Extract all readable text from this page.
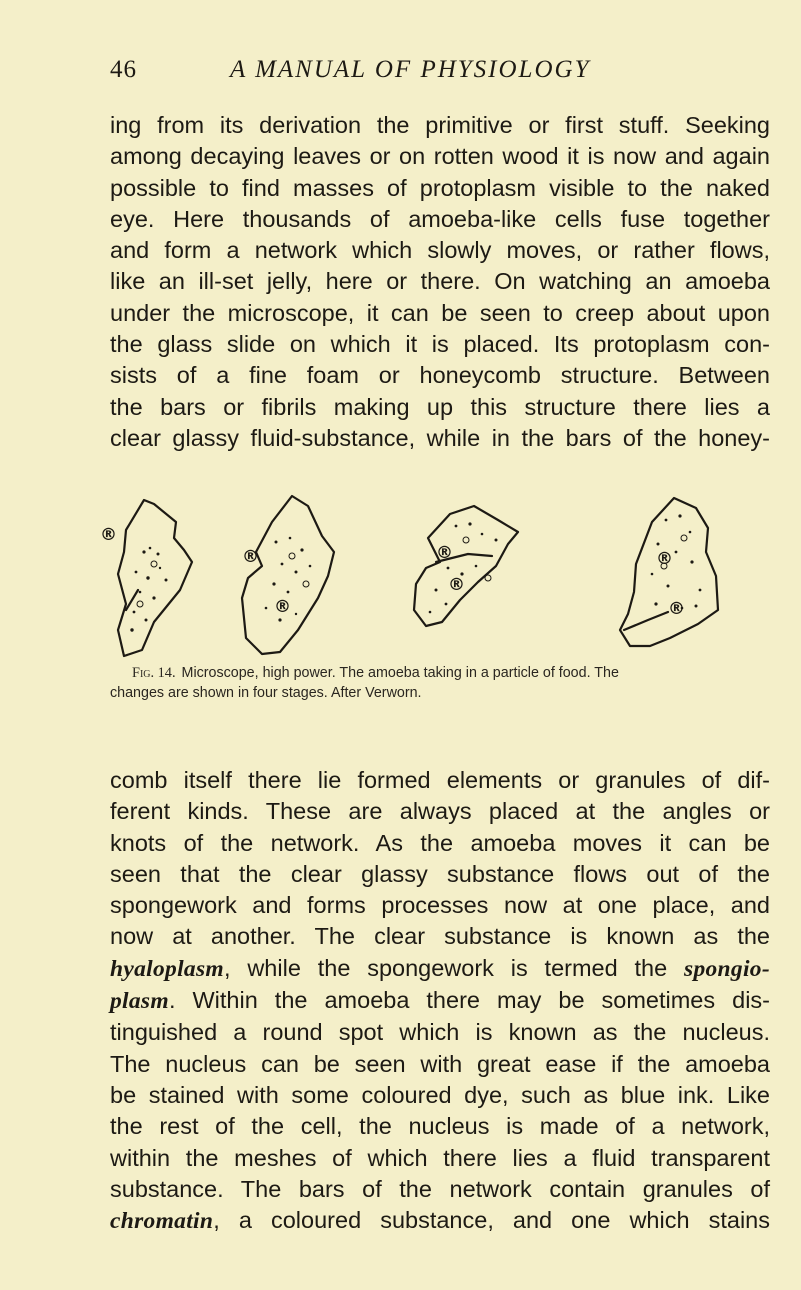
46	A MANUAL OF PHYSIOLOGY
ing from its derivation the primitive or first stuff. Seeking
among decaying leaves or on rotten wood it is now and again
possible to find masses of protoplasm visible to the naked
eye. Here thousands of amoeba-like cells fuse together
and form a network which slowly moves, or rather flows,
like an ill-set jelly, here or there. On watching an amoeba
under the microscope, it can be seen to creep about upon
the glass slide on which it is placed. Its protoplasm con-
sists of a fine foam or honeycomb structure. Between
the bars or fibrils making up this structure there lies a
clear glassy fluid-substance, while in the bars of the honey-
®
®
®
®
®
®
®
Fig. 14. Microscope, high power. The amoeba taking in a particle of food. The
changes are shown in four stages. After Verworn.
comb itself there lie formed elements or granules of dif-
ferent kinds. These are always placed at the angles or
knots of the network. As the amoeba moves it can be
seen that the clear glassy substance flows out of the
spongework and forms processes now at one place, and
now at another. The clear substance is known as the
hyaloplasm, while the spongework is termed the spongio-
plasm. Within the amoeba there may be sometimes dis-
tinguished a round spot which is known as the nucleus.
The nucleus can be seen with great ease if the amoeba
be stained with some coloured dye, such as blue ink. Like
the rest of the cell, the nucleus is made of a network,
within the meshes of which there lies a fluid transparent
substance. The bars of the network contain granules of
chromatin, a coloured substance, and one which stains
